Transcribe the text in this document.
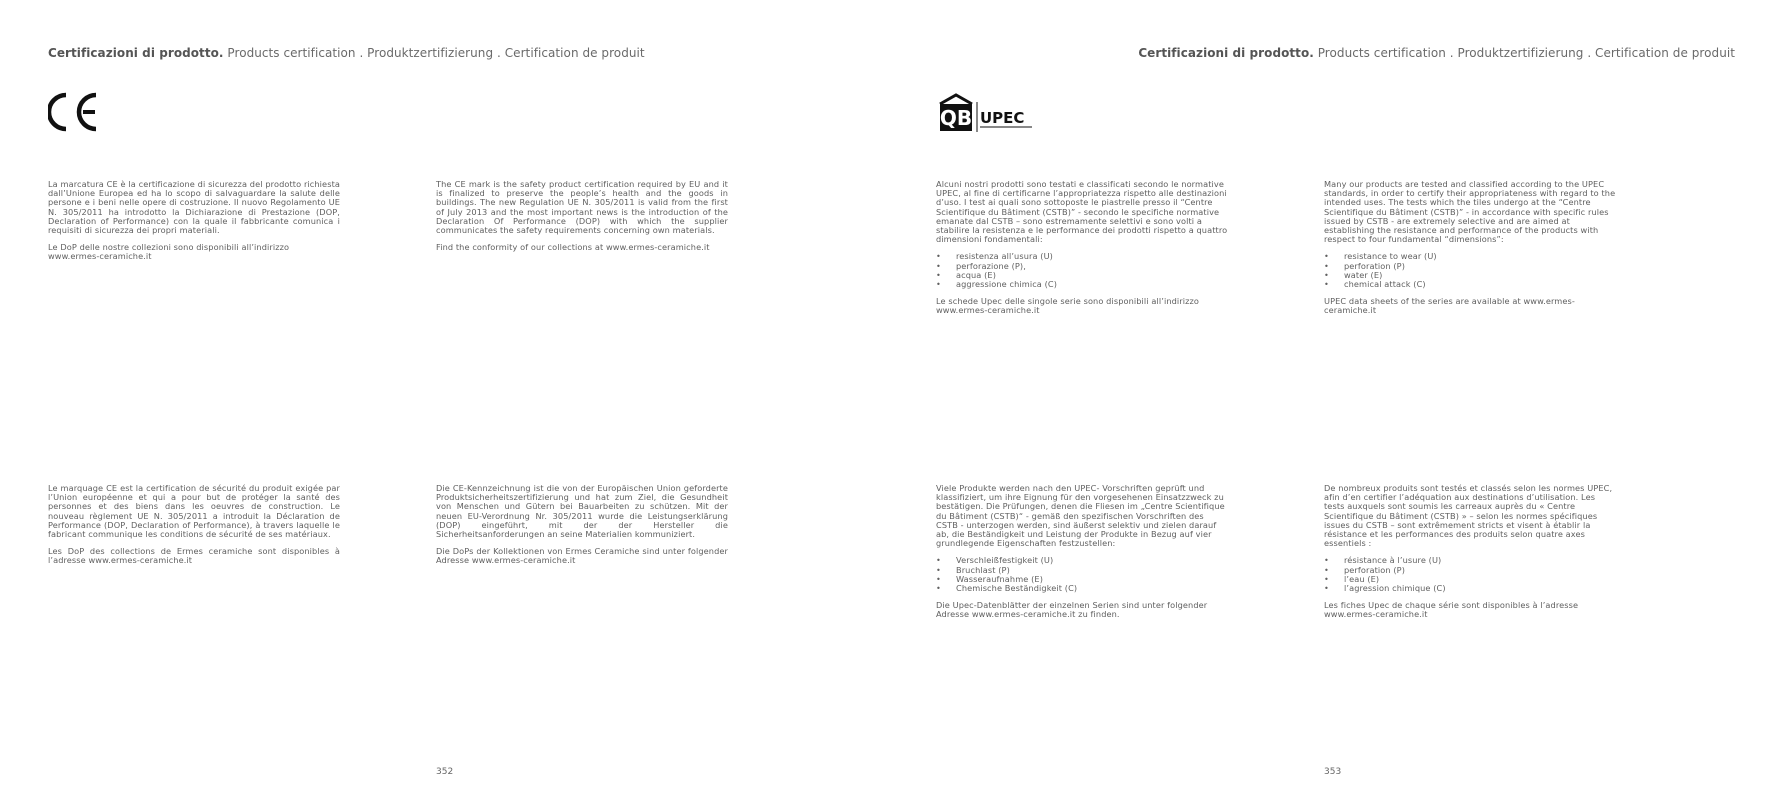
Certificazioni di prodotto. Products certification . Produktzertifizierung . Certification de produit

La marcatura CE è la certificazione di sicurezza del prodotto richiesta dall’Unione Europea ed ha lo scopo di salvaguardare la salute delle persone e i beni nelle opere di costruzione. Il nuovo Regolamento UE N. 305/2011 ha introdotto la Dichiarazione di Prestazione (DOP, Declaration of Performance) con la quale il fabbricante comunica i requisiti di sicurezza dei propri materiali.

Le DoP delle nostre collezioni sono disponibili all’indirizzo www.ermes-ceramiche.it

The CE mark is the safety product certification required by EU and it is finalized to preserve the people’s health and the goods in buildings. The new Regulation UE N. 305/2011 is valid from the first of July 2013 and the most important news is the introduction of the Declaration Of Performance (DOP) with which the supplier communicates the safety requirements concerning own materials.

Find the conformity of our collections at www.ermes-ceramiche.it

Le marquage CE est la certification de sécurité du produit exigée par l’Union européenne et qui a pour but de protéger la santé des personnes et des biens dans les oeuvres de construction. Le nouveau règlement UE N. 305/2011 a introduit la Déclaration de Performance (DOP, Declaration of Performance), à travers laquelle le fabricant communique les conditions de sécurité de ses matériaux.

Les DoP des collections de Ermes ceramiche sont disponibles à l’adresse www.ermes-ceramiche.it

Die CE-Kennzeichnung ist die von der Europäischen Union geforderte Produktsicherheitszertifizierung und hat zum Ziel, die Gesundheit von Menschen und Gütern bei Bauarbeiten zu schützen. Mit der neuen EU-Verordnung Nr. 305/2011 wurde die Leistungserklärung (DOP) eingeführt, mit der der Hersteller die Sicherheitsanforderungen an seine Materialien kommuniziert.

Die DoPs der Kollektionen von Ermes Ceramiche sind unter folgender Adresse www.ermes-ceramiche.it

352
Certificazioni di prodotto. Products certification . Produktzertifizierung . Certification de produit
QB UPEC

Alcuni nostri prodotti sono testati e classificati secondo le normative UPEC, al fine di certificarne l’appropriatezza rispetto alle destinazioni d’uso. I test ai quali sono sottoposte le piastrelle presso il “Centre Scientifique du Bâtiment (CSTB)” - secondo le specifiche normative emanate dal CSTB – sono estremamente selettivi e sono volti a stabilire la resistenza e le performance dei prodotti rispetto a quattro dimensioni fondamentali:

• resistenza all’usura (U)
• perforazione (P),
• acqua (E)
• aggressione chimica (C)

Le schede Upec delle singole serie sono disponibili all’indirizzo www.ermes-ceramiche.it

Many our products are tested and classified according to the UPEC standards, in order to certify their appropriateness with regard to the intended uses. The tests which the tiles undergo at the “Centre Scientifique du Bâtiment (CSTB)” - in accordance with specific rules issued by CSTB - are extremely selective and are aimed at establishing the resistance and performance of the products with respect to four fundamental “dimensions”:

• resistance to wear (U)
• perforation (P)
• water (E)
• chemical attack (C)

UPEC data sheets of the series are available at www.ermes-ceramiche.it

Viele Produkte werden nach den UPEC- Vorschriften geprüft und klassifiziert, um ihre Eignung für den vorgesehenen Einsatzzweck zu bestätigen. Die Prüfungen, denen die Fliesen im „Centre Scientifique du Bâtiment (CSTB)“ - gemäß den spezifischen Vorschriften des CSTB - unterzogen werden, sind äußerst selektiv und zielen darauf ab, die Beständigkeit und Leistung der Produkte in Bezug auf vier grundlegende Eigenschaften festzustellen:

• Verschleißfestigkeit (U)
• Bruchlast (P)
• Wasseraufnahme (E)
• Chemische Beständigkeit (C)

Die Upec-Datenblätter der einzelnen Serien sind unter folgender Adresse www.ermes-ceramiche.it zu finden.

De nombreux produits sont testés et classés selon les normes UPEC, afin d’en certifier l’adéquation aux destinations d’utilisation. Les tests auxquels sont soumis les carreaux auprès du « Centre Scientifique du Bâtiment (CSTB) » – selon les normes spécifiques issues du CSTB – sont extrêmement stricts et visent à établir la résistance et les performances des produits selon quatre axes essentiels :

• résistance à l’usure (U)
• perforation (P)
• l’eau (E)
• l’agression chimique (C)

Les fiches Upec de chaque série sont disponibles à l’adresse www.ermes-ceramiche.it

353
